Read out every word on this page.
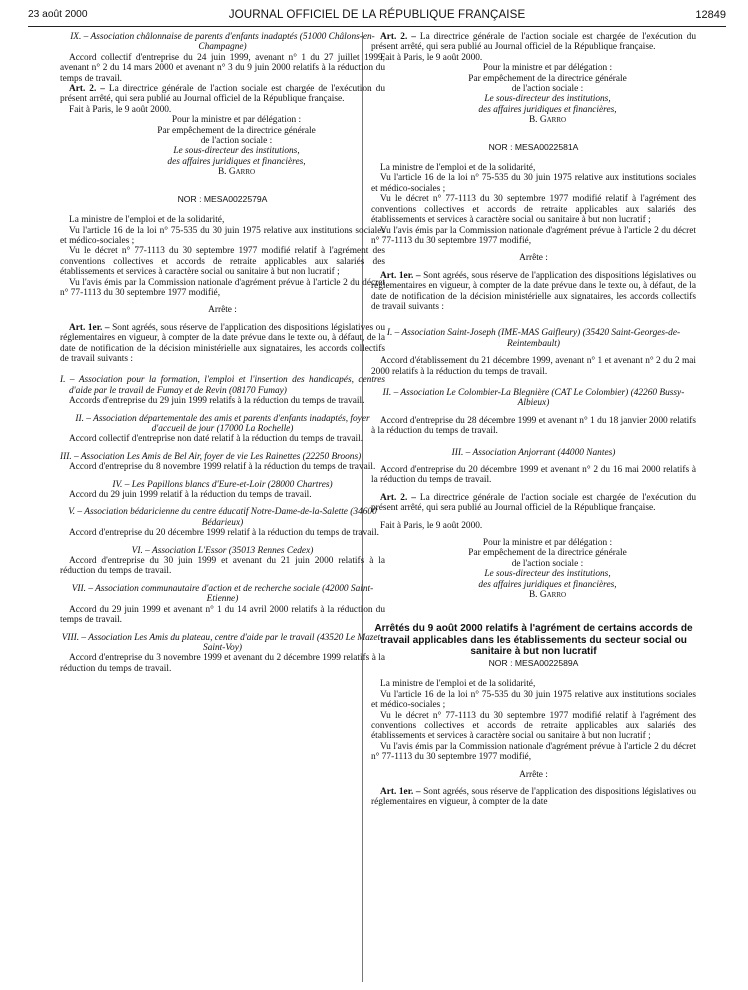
23 août 2000	JOURNAL OFFICIEL DE LA RÉPUBLIQUE FRANÇAISE	12849

IX. – Association châlonnaise de parents d'enfants inadaptés (51000 Châlons-en-Champagne)

Accord collectif d'entreprise du 24 juin 1999, avenant n° 1 du 27 juillet 1999, avenant n° 2 du 14 mars 2000 et avenant n° 3 du 9 juin 2000 relatifs à la réduction du temps de travail.

Art. 2. – La directrice générale de l'action sociale est chargée de l'exécution du présent arrêté, qui sera publié au Journal officiel de la République française.

Fait à Paris, le 9 août 2000.

Pour la ministre et par délégation :
Par empêchement de la directrice générale
de l'action sociale :
Le sous-directeur des institutions,
des affaires juridiques et financières,
B. Garro

NOR : MESA0022579A

La ministre de l'emploi et de la solidarité,

Vu l'article 16 de la loi n° 75-535 du 30 juin 1975 relative aux institutions sociales et médico-sociales ;

Vu le décret n° 77-1113 du 30 septembre 1977 modifié relatif à l'agrément des conventions collectives et accords de retraite applicables aux salariés des établissements et services à caractère social ou sanitaire à but non lucratif ;

Vu l'avis émis par la Commission nationale d'agrément prévue à l'article 2 du décret n° 77-1113 du 30 septembre 1977 modifié,

Arrête :

Art. 1er. – Sont agréés, sous réserve de l'application des dispositions législatives ou réglementaires en vigueur, à compter de la date prévue dans le texte ou, à défaut, de la date de notification de la décision ministérielle aux signataires, les accords collectifs de travail suivants :

I. – Association pour la formation, l'emploi et l'insertion des handicapés, centres d'aide par le travail de Fumay et de Revin (08170 Fumay)

Accords d'entreprise du 29 juin 1999 relatifs à la réduction du temps de travail.

II. – Association départementale des amis et parents d'enfants inadaptés, foyer d'accueil de jour (17000 La Rochelle)

Accord collectif d'entreprise non daté relatif à la réduction du temps de travail.

III. – Association Les Amis de Bel Air, foyer de vie Les Rainettes (22250 Broons)

Accord d'entreprise du 8 novembre 1999 relatif à la réduction du temps de travail.

IV. – Les Papillons blancs d'Eure-et-Loir (28000 Chartres)

Accord du 29 juin 1999 relatif à la réduction du temps de travail.

V. – Association bédaricienne du centre éducatif Notre-Dame-de-la-Salette (34600 Bédarieux)

Accord d'entreprise du 20 décembre 1999 relatif à la réduction du temps de travail.

VI. – Association L'Essor (35013 Rennes Cedex)

Accord d'entreprise du 30 juin 1999 et avenant du 21 juin 2000 relatifs à la réduction du temps de travail.

VII. – Association communautaire d'action et de recherche sociale (42000 Saint-Etienne)

Accord du 29 juin 1999 et avenant n° 1 du 14 avril 2000 relatifs à la réduction du temps de travail.

VIII. – Association Les Amis du plateau, centre d'aide par le travail (43520 Le Mazet-Saint-Voy)

Accord d'entreprise du 3 novembre 1999 et avenant du 2 décembre 1999 relatifs à la réduction du temps de travail.

Art. 2. – La directrice générale de l'action sociale est chargée de l'exécution du présent arrêté, qui sera publié au Journal officiel de la République française.

Fait à Paris, le 9 août 2000.

Pour la ministre et par délégation :
Par empêchement de la directrice générale
de l'action sociale :
Le sous-directeur des institutions,
des affaires juridiques et financières,
B. Garro

NOR : MESA0022581A

La ministre de l'emploi et de la solidarité,

Vu l'article 16 de la loi n° 75-535 du 30 juin 1975 relative aux institutions sociales et médico-sociales ;

Vu le décret n° 77-1113 du 30 septembre 1977 modifié relatif à l'agrément des conventions collectives et accords de retraite applicables aux salariés des établissements et services à caractère social ou sanitaire à but non lucratif ;

Vu l'avis émis par la Commission nationale d'agrément prévue à l'article 2 du décret n° 77-1113 du 30 septembre 1977 modifié,

Arrête :

Art. 1er. – Sont agréés, sous réserve de l'application des dispositions législatives ou réglementaires en vigueur, à compter de la date prévue dans le texte ou, à défaut, de la date de notification de la décision ministérielle aux signataires, les accords collectifs de travail suivants :

I. – Association Saint-Joseph (IME-MAS Gaifleury) (35420 Saint-Georges-de-Reintembault)

Accord d'établissement du 21 décembre 1999, avenant n° 1 et avenant n° 2 du 2 mai 2000 relatifs à la réduction du temps de travail.

II. – Association Le Colombier-La Blegnière (CAT Le Colombier) (42260 Bussy-Albieux)

Accord d'entreprise du 28 décembre 1999 et avenant n° 1 du 18 janvier 2000 relatifs à la réduction du temps de travail.

III. – Association Anjorrant (44000 Nantes)

Accord d'entreprise du 20 décembre 1999 et avenant n° 2 du 16 mai 2000 relatifs à la réduction du temps de travail.

Art. 2. – La directrice générale de l'action sociale est chargée de l'exécution du présent arrêté, qui sera publié au Journal officiel de la République française.

Fait à Paris, le 9 août 2000.

Pour la ministre et par délégation :
Par empêchement de la directrice générale
de l'action sociale :
Le sous-directeur des institutions,
des affaires juridiques et financières,
B. Garro

Arrêtés du 9 août 2000 relatifs à l'agrément de certains accords de travail applicables dans les établissements du secteur social ou sanitaire à but non lucratif

NOR : MESA0022589A

La ministre de l'emploi et de la solidarité,

Vu l'article 16 de la loi n° 75-535 du 30 juin 1975 relative aux institutions sociales et médico-sociales ;

Vu le décret n° 77-1113 du 30 septembre 1977 modifié relatif à l'agrément des conventions collectives et accords de retraite applicables aux salariés des établissements et services à caractère social ou sanitaire à but non lucratif ;

Vu l'avis émis par la Commission nationale d'agrément prévue à l'article 2 du décret n° 77-1113 du 30 septembre 1977 modifié,

Arrête :

Art. 1er. – Sont agréés, sous réserve de l'application des dispositions législatives ou réglementaires en vigueur, à compter de la date
